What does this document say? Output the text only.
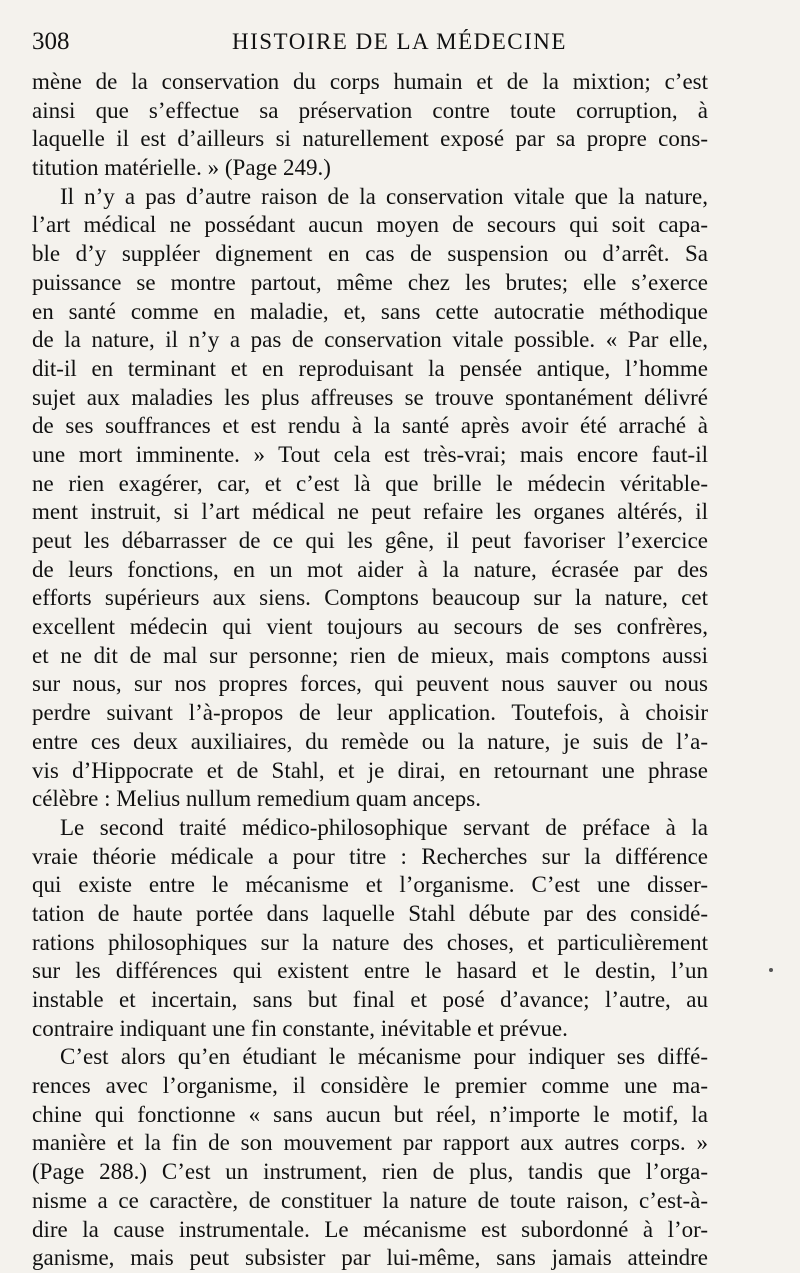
308	HISTOIRE DE LA MÉDECINE
mène de la conservation du corps humain et de la mixtion; c’est
ainsi que s’effectue sa préservation contre toute corruption, à
laquelle il est d’ailleurs si naturellement exposé par sa propre cons-
titution matérielle. » (Page 249.)
Il n’y a pas d’autre raison de la conservation vitale que la nature,
l’art médical ne possédant aucun moyen de secours qui soit capa-
ble d’y suppléer dignement en cas de suspension ou d’arrêt. Sa
puissance se montre partout, même chez les brutes; elle s’exerce
en santé comme en maladie, et, sans cette autocratie méthodique
de la nature, il n’y a pas de conservation vitale possible. « Par elle,
dit-il en terminant et en reproduisant la pensée antique, l’homme
sujet aux maladies les plus affreuses se trouve spontanément délivré
de ses souffrances et est rendu à la santé après avoir été arraché à
une mort imminente. » Tout cela est très-vrai; mais encore faut-il
ne rien exagérer, car, et c’est là que brille le médecin véritable-
ment instruit, si l’art médical ne peut refaire les organes altérés, il
peut les débarrasser de ce qui les gêne, il peut favoriser l’exercice
de leurs fonctions, en un mot aider à la nature, écrasée par des
efforts supérieurs aux siens. Comptons beaucoup sur la nature, cet
excellent médecin qui vient toujours au secours de ses confrères,
et ne dit de mal sur personne; rien de mieux, mais comptons aussi
sur nous, sur nos propres forces, qui peuvent nous sauver ou nous
perdre suivant l’à-propos de leur application. Toutefois, à choisir
entre ces deux auxiliaires, du remède ou la nature, je suis de l’a-
vis d’Hippocrate et de Stahl, et je dirai, en retournant une phrase
célèbre : Melius nullum remedium quam anceps.
Le second traité médico-philosophique servant de préface à la
vraie théorie médicale a pour titre : Recherches sur la différence
qui existe entre le mécanisme et l’organisme. C’est une disser-
tation de haute portée dans laquelle Stahl débute par des considé-
rations philosophiques sur la nature des choses, et particulièrement
sur les différences qui existent entre le hasard et le destin, l’un
instable et incertain, sans but final et posé d’avance; l’autre, au
contraire indiquant une fin constante, inévitable et prévue.
C’est alors qu’en étudiant le mécanisme pour indiquer ses diffé-
rences avec l’organisme, il considère le premier comme une ma-
chine qui fonctionne « sans aucun but réel, n’importe le motif, la
manière et la fin de son mouvement par rapport aux autres corps. »
(Page 288.) C’est un instrument, rien de plus, tandis que l’orga-
nisme a ce caractère, de constituer la nature de toute raison, c’est-à-
dire la cause instrumentale. Le mécanisme est subordonné à l’or-
ganisme, mais peut subsister par lui-même, sans jamais atteindre
